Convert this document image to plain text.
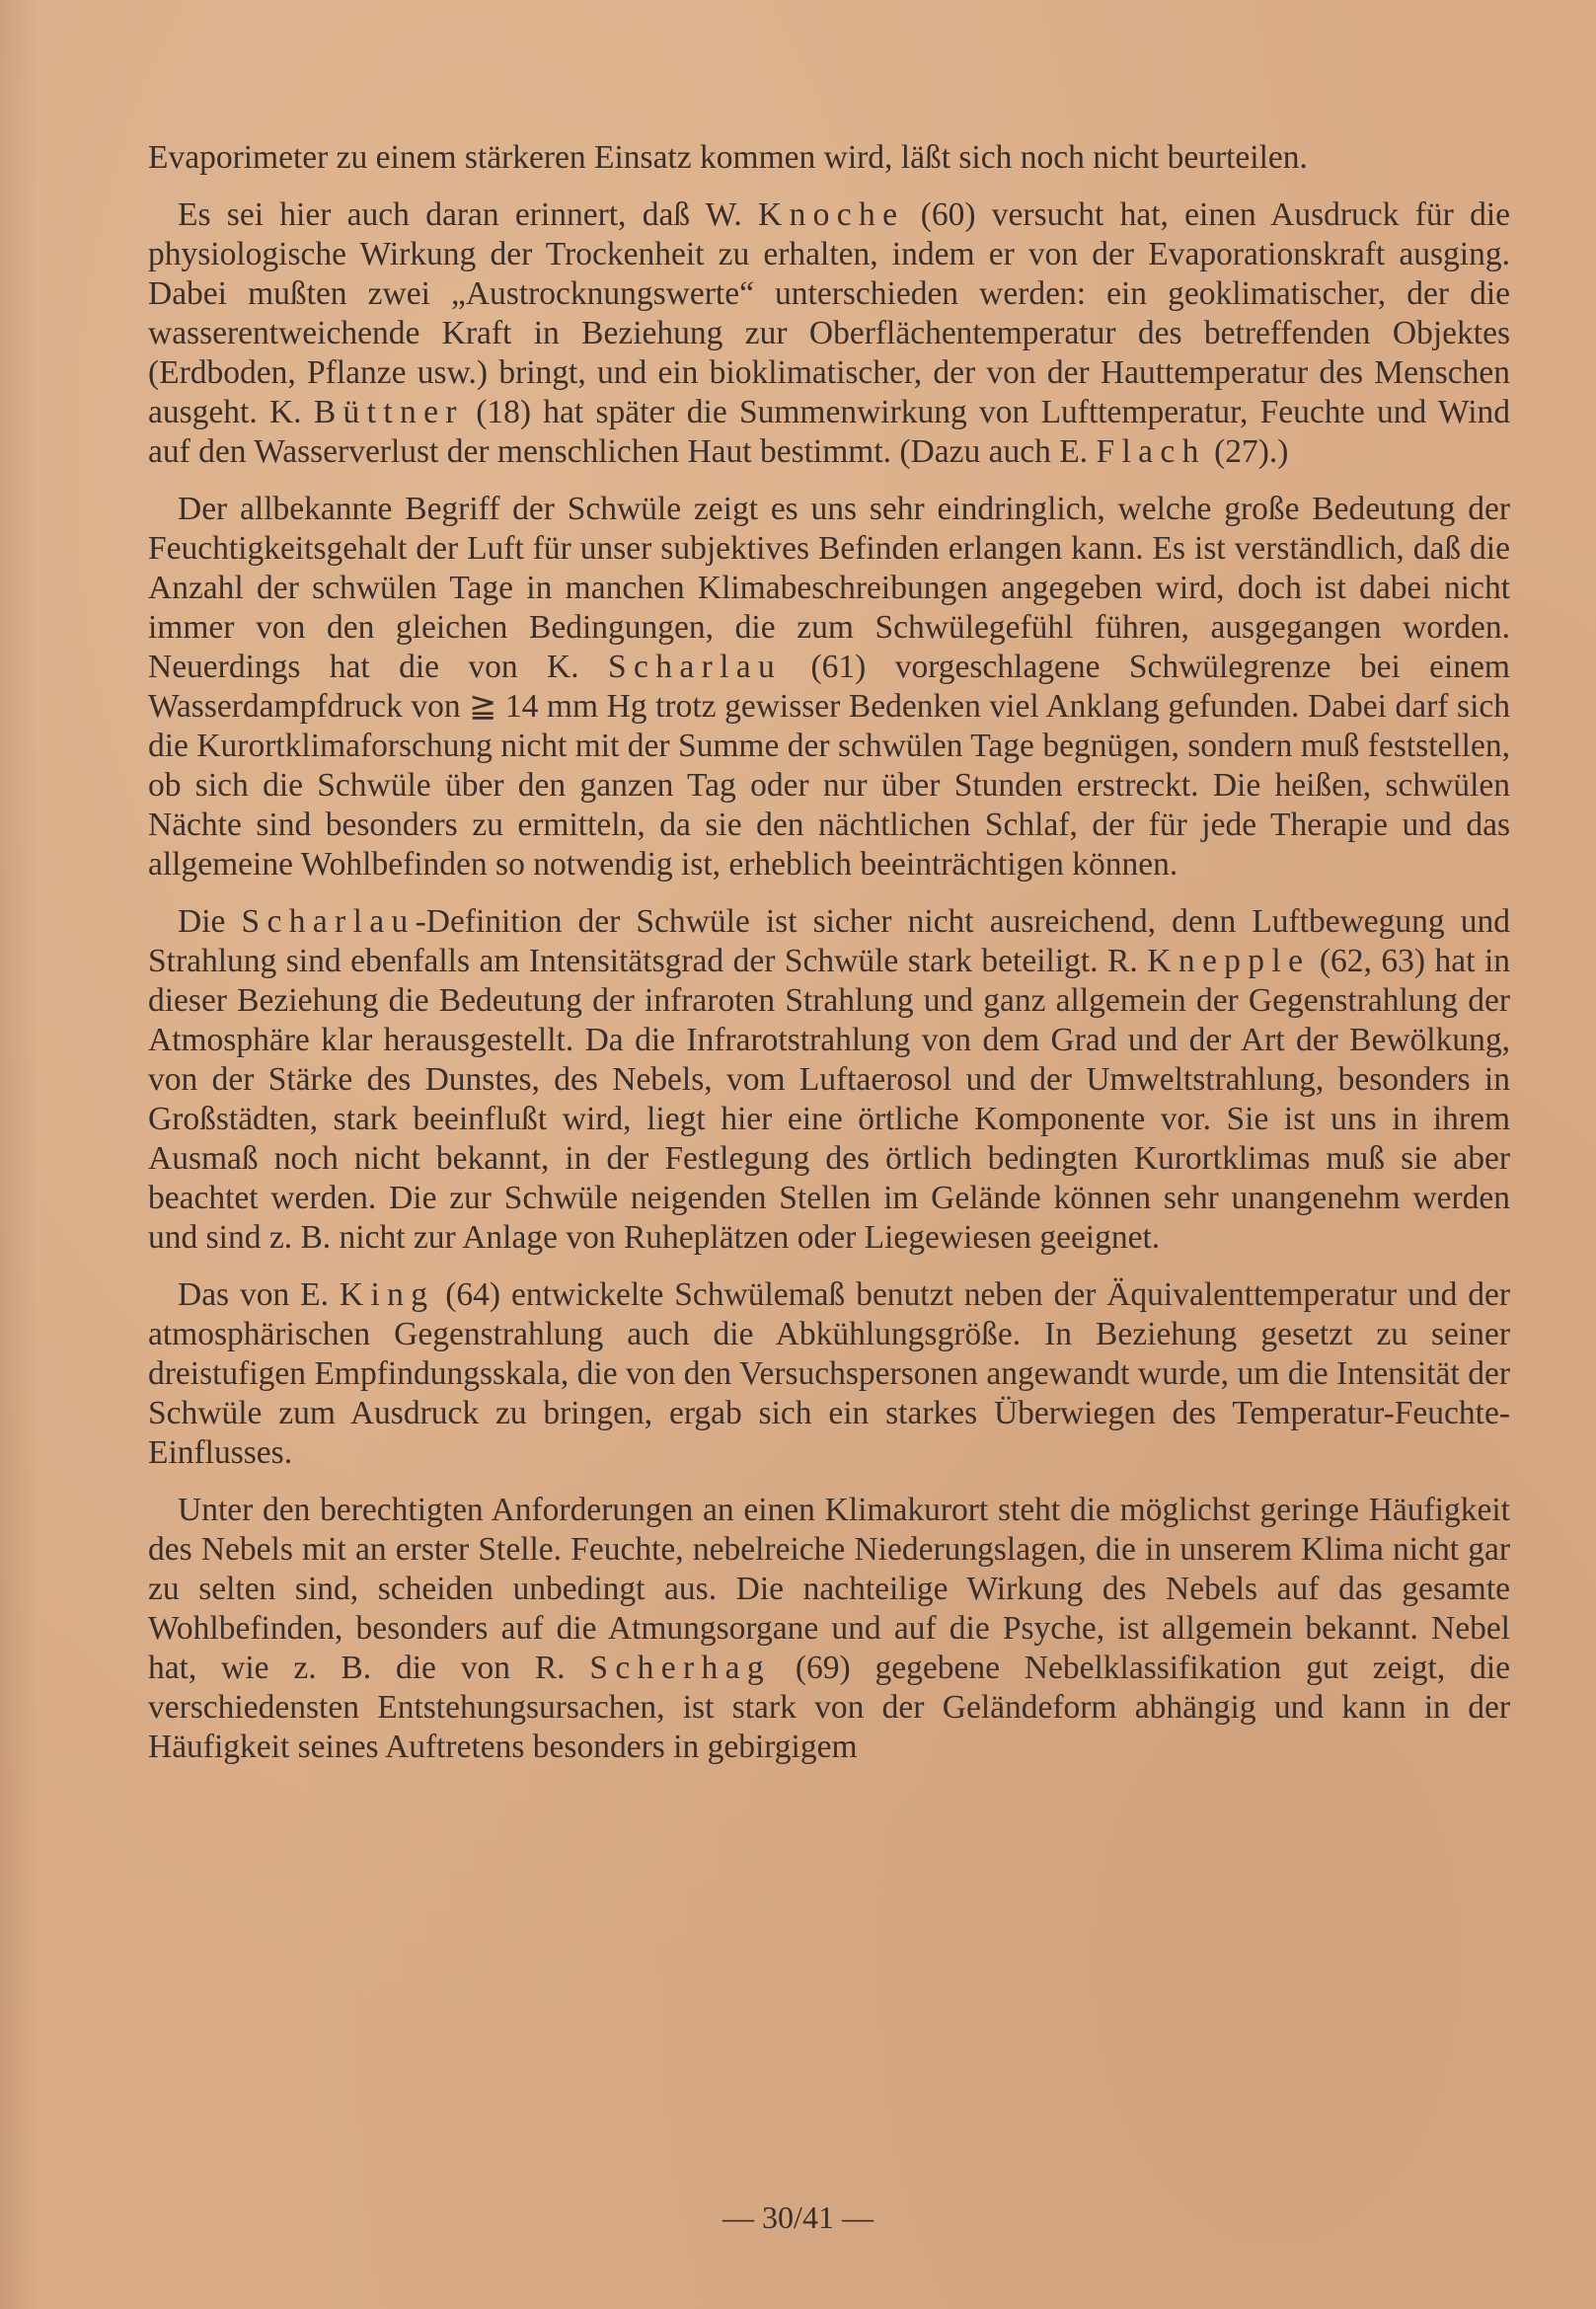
Evaporimeter zu einem stärkeren Einsatz kommen wird, läßt sich noch nicht beurteilen.

Es sei hier auch daran erinnert, daß W. Knoche (60) versucht hat, einen Ausdruck für die physiologische Wirkung der Trockenheit zu erhalten, indem er von der Evaporationskraft ausging. Dabei mußten zwei „Austrocknungswerte“ unterschieden werden: ein geoklimatischer, der die wasserentweichende Kraft in Beziehung zur Oberflächentemperatur des betreffenden Objektes (Erdboden, Pflanze usw.) bringt, und ein bioklimatischer, der von der Hauttemperatur des Menschen ausgeht. K. Büttner (18) hat später die Summenwirkung von Lufttemperatur, Feuchte und Wind auf den Wasserverlust der menschlichen Haut bestimmt. (Dazu auch E. Flach (27).)

Der allbekannte Begriff der Schwüle zeigt es uns sehr eindringlich, welche große Bedeutung der Feuchtigkeitsgehalt der Luft für unser subjektives Befinden erlangen kann. Es ist verständlich, daß die Anzahl der schwülen Tage in manchen Klimabeschreibungen angegeben wird, doch ist dabei nicht immer von den gleichen Bedingungen, die zum Schwülegefühl führen, ausgegangen worden. Neuerdings hat die von K. Scharlau (61) vorgeschlagene Schwülegrenze bei einem Wasserdampfdruck von ≧ 14 mm Hg trotz gewisser Bedenken viel Anklang gefunden. Dabei darf sich die Kurortklimaforschung nicht mit der Summe der schwülen Tage begnügen, sondern muß feststellen, ob sich die Schwüle über den ganzen Tag oder nur über Stunden erstreckt. Die heißen, schwülen Nächte sind besonders zu ermitteln, da sie den nächtlichen Schlaf, der für jede Therapie und das allgemeine Wohlbefinden so notwendig ist, erheblich beeinträchtigen können.

Die Scharlau-Definition der Schwüle ist sicher nicht ausreichend, denn Luftbewegung und Strahlung sind ebenfalls am Intensitätsgrad der Schwüle stark beteiligt. R. Knepple (62, 63) hat in dieser Beziehung die Bedeutung der infraroten Strahlung und ganz allgemein der Gegenstrahlung der Atmosphäre klar herausgestellt. Da die Infrarotstrahlung von dem Grad und der Art der Bewölkung, von der Stärke des Dunstes, des Nebels, vom Luftaerosol und der Umweltstrahlung, besonders in Großstädten, stark beeinflußt wird, liegt hier eine örtliche Komponente vor. Sie ist uns in ihrem Ausmaß noch nicht bekannt, in der Festlegung des örtlich bedingten Kurortklimas muß sie aber beachtet werden. Die zur Schwüle neigenden Stellen im Gelände können sehr unangenehm werden und sind z. B. nicht zur Anlage von Ruheplätzen oder Liegewiesen geeignet.

Das von E. King (64) entwickelte Schwülemaß benutzt neben der Äquivalenttemperatur und der atmosphärischen Gegenstrahlung auch die Abkühlungsgröße. In Beziehung gesetzt zu seiner dreistufigen Empfindungsskala, die von den Versuchspersonen angewandt wurde, um die Intensität der Schwüle zum Ausdruck zu bringen, ergab sich ein starkes Überwiegen des Temperatur-Feuchte-Einflusses.

Unter den berechtigten Anforderungen an einen Klimakurort steht die möglichst geringe Häufigkeit des Nebels mit an erster Stelle. Feuchte, nebelreiche Niederungslagen, die in unserem Klima nicht gar zu selten sind, scheiden unbedingt aus. Die nachteilige Wirkung des Nebels auf das gesamte Wohlbefinden, besonders auf die Atmungsorgane und auf die Psyche, ist allgemein bekannt. Nebel hat, wie z. B. die von R. Scherhag (69) gegebene Nebelklassifikation gut zeigt, die verschiedensten Entstehungsursachen, ist stark von der Geländeform abhängig und kann in der Häufigkeit seines Auftretens besonders in gebirgigem

— 30/41 —
